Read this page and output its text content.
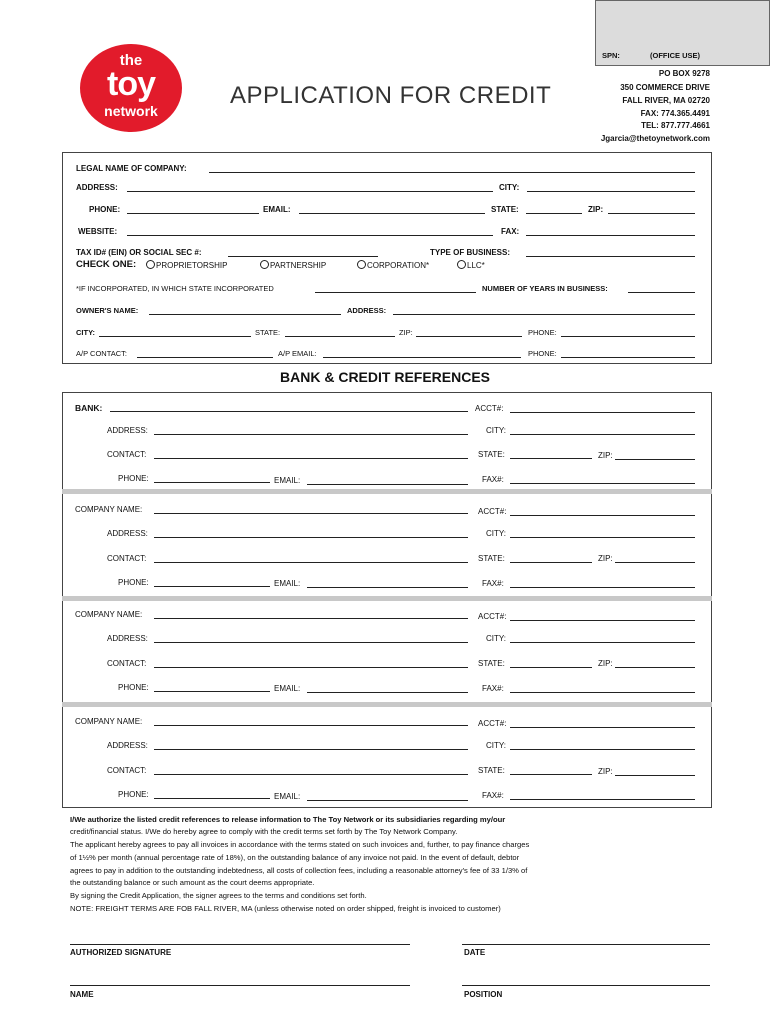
SPN:	(OFFICE USE)
the
toy
network
APPLICATION FOR CREDIT
PO BOX 9278
350 COMMERCE DRIVE
FALL RIVER, MA 02720
FAX: 774.365.4491
TEL: 877.777.4661
Jgarcia@thetoynetwork.com
LEGAL NAME OF COMPANY:
ADDRESS:	CITY:
PHONE:	EMAIL:	STATE:	ZIP:
WEBSITE:	FAX:
TAX ID# (EIN) OR SOCIAL SEC #:	TYPE OF BUSINESS:
CHECK ONE:	PROPRIETORSHIP	PARTNERSHIP	CORPORATION*	LLC*
*IF INCORPORATED, IN WHICH STATE INCORPORATED	NUMBER OF YEARS IN BUSINESS:
OWNER'S NAME:	ADDRESS:
CITY:	STATE:	ZIP:	PHONE:
A/P CONTACT:	A/P EMAIL:	PHONE:
BANK & CREDIT REFERENCES
BANK:	ACCT#:
ADDRESS:	CITY:
CONTACT:	STATE:	ZIP:
PHONE:	EMAIL:	FAX#:
COMPANY NAME:	ACCT#:
ADDRESS:	CITY:
CONTACT:	STATE:	ZIP:
PHONE:	EMAIL:	FAX#:
COMPANY NAME:	ACCT#:
ADDRESS:	CITY:
CONTACT:	STATE:	ZIP:
PHONE:	EMAIL:	FAX#:
COMPANY NAME:	ACCT#:
ADDRESS:	CITY:
CONTACT:	STATE:	ZIP:
PHONE:	EMAIL:	FAX#:
I/We authorize the listed credit references to release information to The Toy Network or its subsidiaries regarding my/our
credit/financial status. I/We do hereby agree to comply with the credit terms set forth by The Toy Network Company.
The applicant hereby agrees to pay all invoices in accordance with the terms stated on such invoices and, further, to pay finance charges
of 1½% per month (annual percentage rate of 18%), on the outstanding balance of any invoice not paid. In the event of default, debtor
agrees to pay in addition to the outstanding indebtedness, all costs of collection fees, including a reasonable attorney's fee of 33 1/3% of
the outstanding balance or such amount as the court deems appropriate.
By signing the Credit Application, the signer agrees to the terms and conditions set forth.
NOTE: FREIGHT TERMS ARE FOB FALL RIVER, MA (unless otherwise noted on order shipped, freight is invoiced to customer)
AUTHORIZED SIGNATURE	DATE
NAME	POSITION
